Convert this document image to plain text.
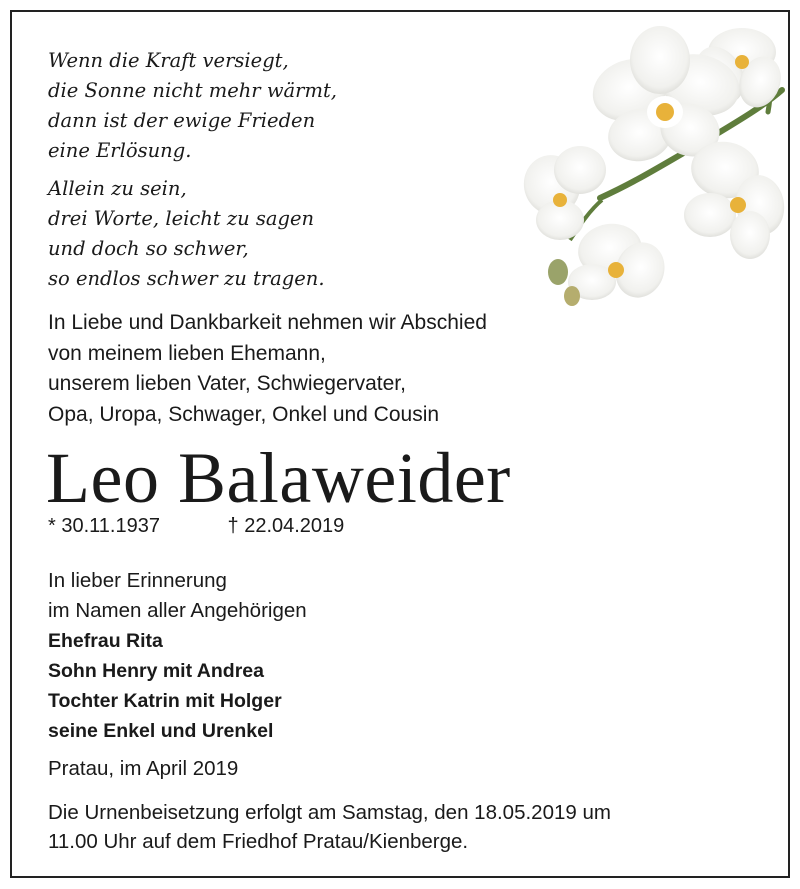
Wenn die Kraft versiegt,
die Sonne nicht mehr wärmt,
dann ist der ewige Frieden
eine Erlösung.
Allein zu sein,
drei Worte, leicht zu sagen
und doch so schwer,
so endlos schwer zu tragen.
In Liebe und Dankbarkeit nehmen wir Abschied
von meinem lieben Ehemann,
unserem lieben Vater, Schwiegervater,
Opa, Uropa, Schwager, Onkel und Cousin
Leo Balaweider
* 30.11.1937	† 22.04.2019
In lieber Erinnerung
im Namen aller Angehörigen
Ehefrau Rita
Sohn Henry mit Andrea
Tochter Katrin mit Holger
seine Enkel und Urenkel
Pratau, im April 2019
Die Urnenbeisetzung erfolgt am Samstag, den 18.05.2019 um
11.00 Uhr auf dem Friedhof Pratau/Kienberge.
